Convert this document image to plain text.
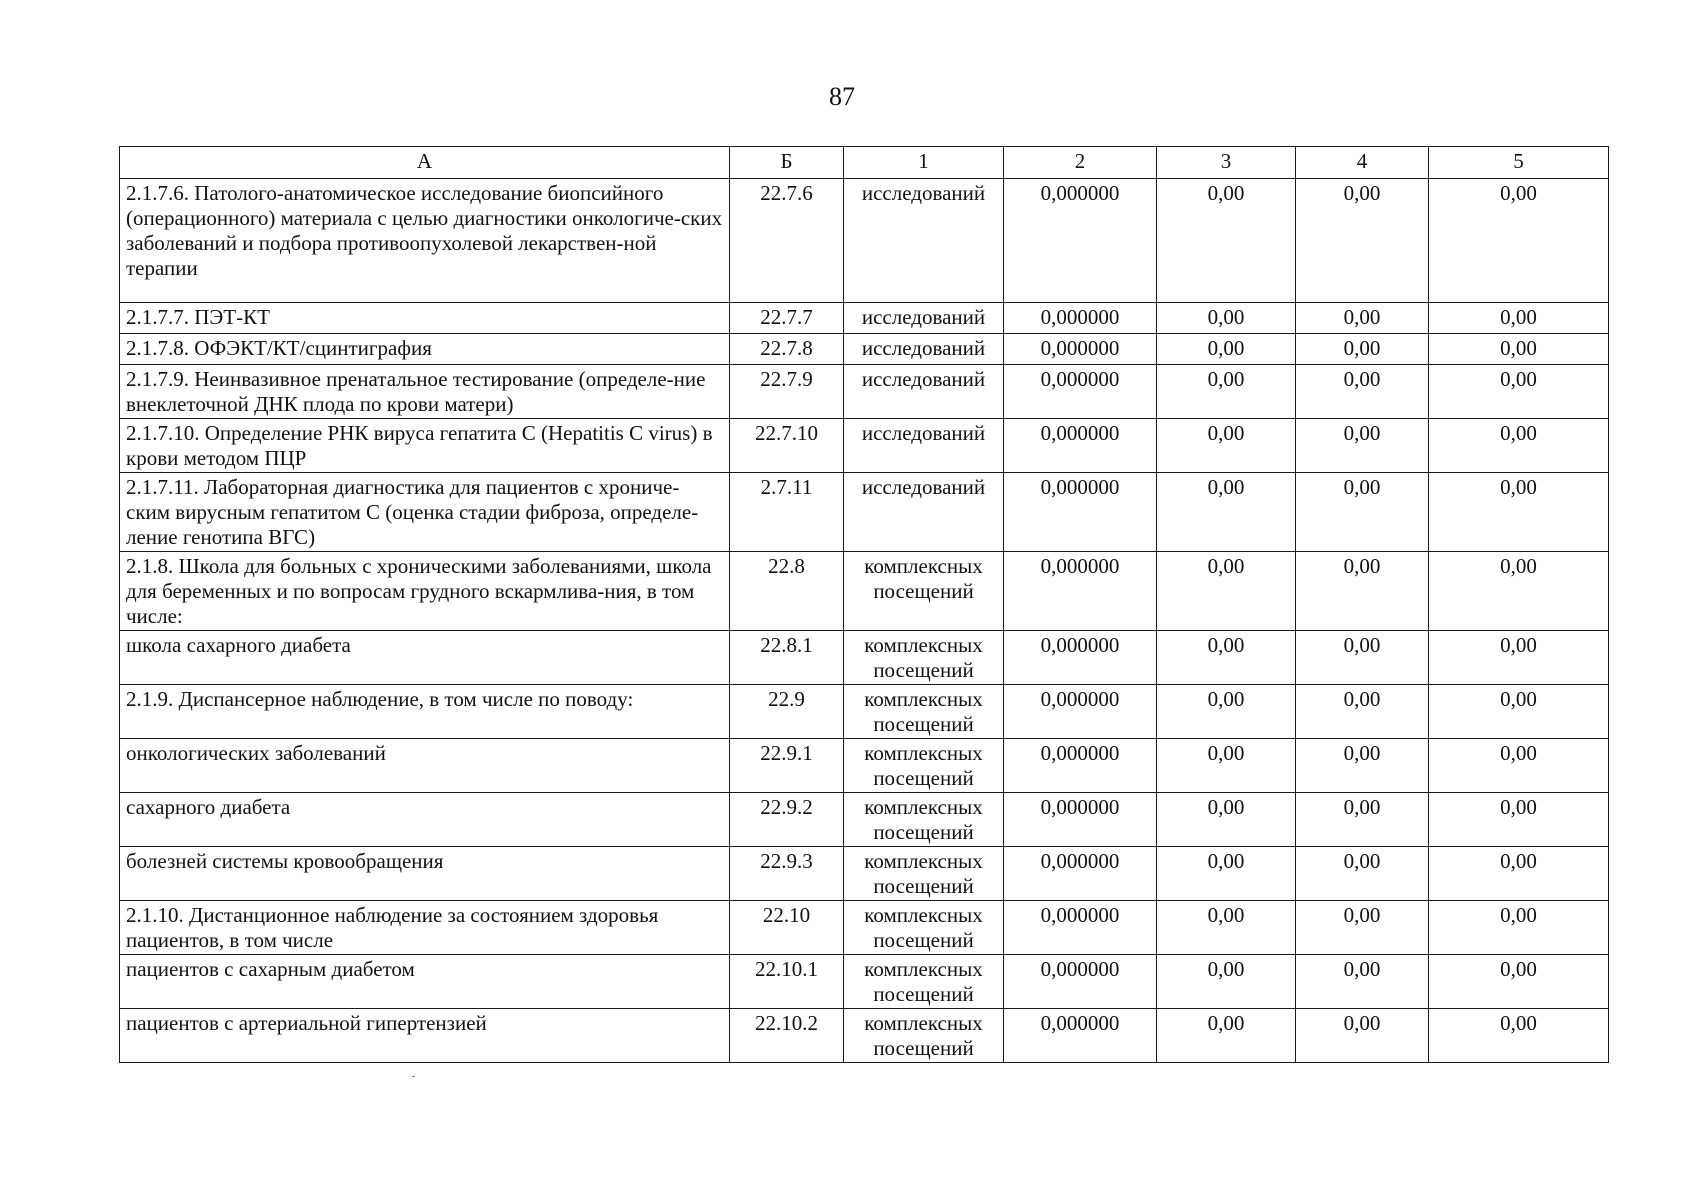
87
А	Б	1	2	3	4	5
2.1.7.6. Патолого-анатомическое исследование биопсийного (операционного) материала с целью диагностики онкологиче-ских заболеваний и подбора противоопухолевой лекарствен-ной терапии	22.7.6	исследований	0,000000	0,00	0,00	0,00
2.1.7.7. ПЭТ-КТ	22.7.7	исследований	0,000000	0,00	0,00	0,00
2.1.7.8. ОФЭКТ/КТ/сцинтиграфия	22.7.8	исследований	0,000000	0,00	0,00	0,00
2.1.7.9. Неинвазивное пренатальное тестирование (определе-ние внеклеточной ДНК плода по крови матери)	22.7.9	исследований	0,000000	0,00	0,00	0,00
2.1.7.10. Определение РНК вируса гепатита С (Hepatitis C virus) в крови методом ПЦР	22.7.10	исследований	0,000000	0,00	0,00	0,00
2.1.7.11. Лабораторная диагностика для пациентов с хрониче-ским вирусным гепатитом С (оценка стадии фиброза, определе-ление генотипа ВГС)	2.7.11	исследований	0,000000	0,00	0,00	0,00
2.1.8. Школа для больных с хроническими заболеваниями, школа для беременных и по вопросам грудного вскармлива-ния, в том числе:	22.8	комплексных посещений	0,000000	0,00	0,00	0,00
школа сахарного диабета	22.8.1	комплексных посещений	0,000000	0,00	0,00	0,00
2.1.9. Диспансерное наблюдение, в том числе по поводу:	22.9	комплексных посещений	0,000000	0,00	0,00	0,00
онкологических заболеваний	22.9.1	комплексных посещений	0,000000	0,00	0,00	0,00
сахарного диабета	22.9.2	комплексных посещений	0,000000	0,00	0,00	0,00
болезней системы кровообращения	22.9.3	комплексных посещений	0,000000	0,00	0,00	0,00
2.1.10. Дистанционное наблюдение за состоянием здоровья пациентов, в том числе	22.10	комплексных посещений	0,000000	0,00	0,00	0,00
пациентов с сахарным диабетом	22.10.1	комплексных посещений	0,000000	0,00	0,00	0,00
пациентов с артериальной гипертензией	22.10.2	комплексных посещений	0,000000	0,00	0,00	0,00
